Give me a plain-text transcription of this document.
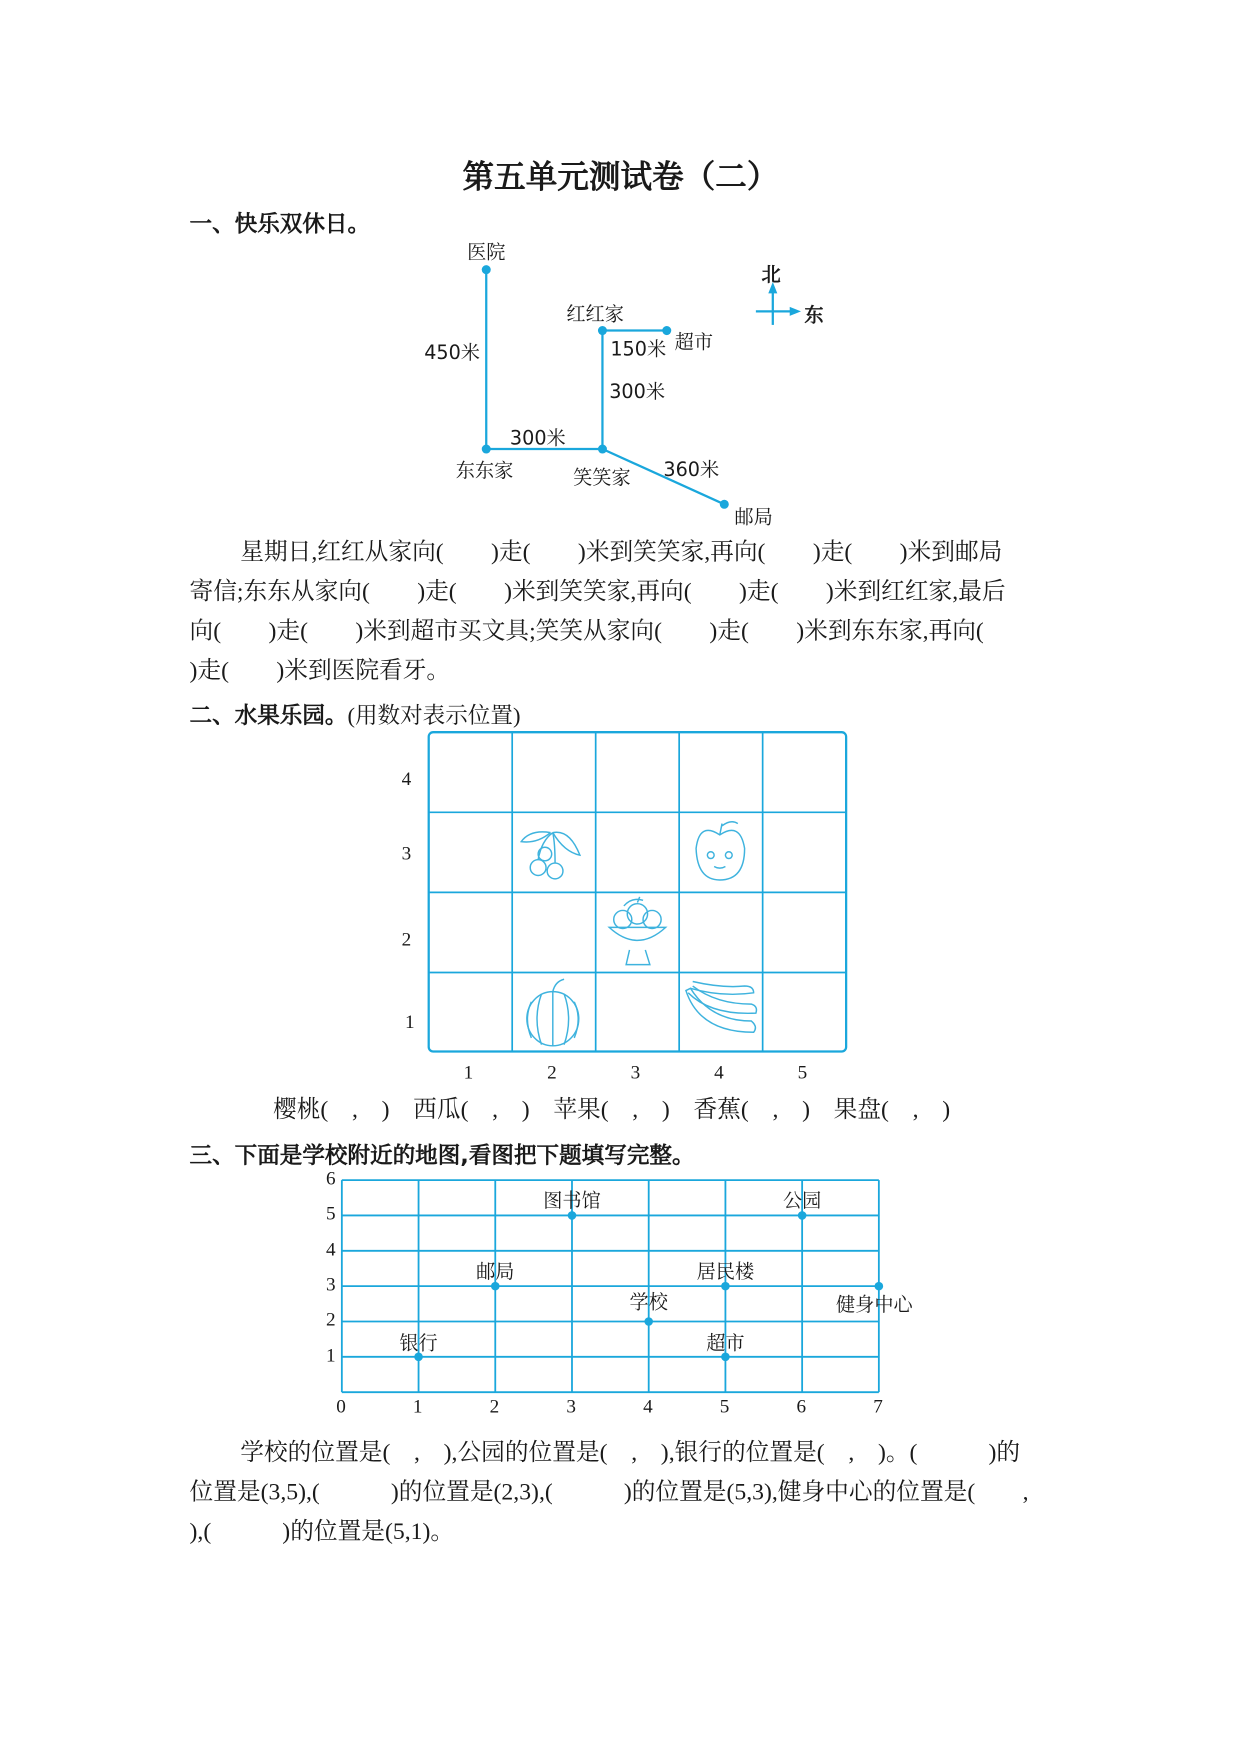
第五单元测试卷（二）
一、快乐双休日。
医院
红红家
超市
东东家	笑笑家
邮局
450米	150米
300米
300米
360米
北
东
星期日,红红从家向(　　)走(　　)米到笑笑家,再向(　　)走(　　)米到邮局
寄信;东东从家向(　　)走(　　)米到笑笑家,再向(　　)走(　　)米到红红家,最后
向(　　)走(　　)米到超市买文具;笑笑从家向(　　)走(　　)米到东东家,再向(
)走(　　)米到医院看牙。
二、水果乐园。(用数对表示位置)
4
3
2
1
1	2	3	4	5
樱桃(　,　)　西瓜(　,　)　苹果(　,　)　香蕉(　,　)　果盘(　,　)
三、下面是学校附近的地图,看图把下题填写完整。
0	1	2	3	4	5	6	7
1
2
3
4
5
6
图书馆	公园
邮局	居民楼
健身中心
学校
银行	超市
学校的位置是(　,　),公园的位置是(　,　),银行的位置是(　,　)。(　　　)的
位置是(3,5),(　　　)的位置是(2,3),(　　　)的位置是(5,3),健身中心的位置是(　　,
),(　　　)的位置是(5,1)。
